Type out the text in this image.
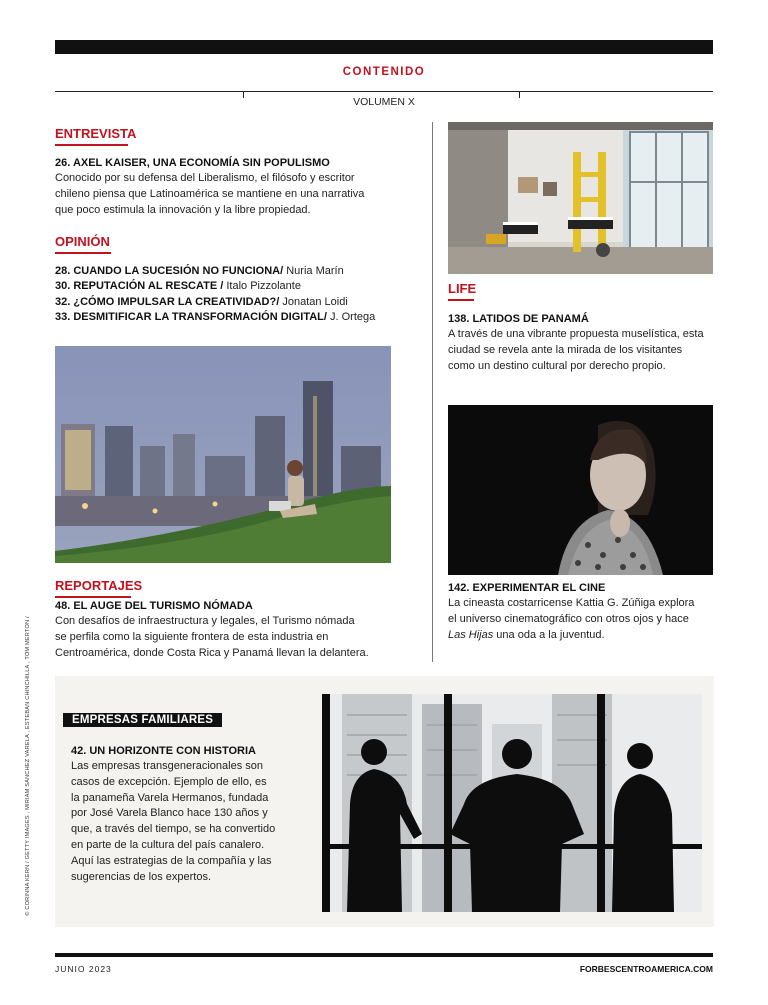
CONTENIDO
VOLUMEN X
ENTREVISTA
26. AXEL KAISER, UNA ECONOMÍA SIN POPULISMO
Conocido por su defensa del Liberalismo, el filósofo y escritor
chileno piensa que Latinoamérica se mantiene en una narrativa
que poco estimula la innovación y la libre propiedad.
OPINIÓN
28. CUANDO LA SUCESIÓN NO FUNCIONA/ Nuria Marín
30. REPUTACIÓN AL RESCATE / Italo Pizzolante
32. ¿CÓMO IMPULSAR LA CREATIVIDAD?/ Jonatan Loidi
33. DESMITIFICAR LA TRANSFORMACIÓN DIGITAL/ J. Ortega
LIFE
138. LATIDOS DE PANAMÁ
A través de una vibrante propuesta muselística, esta
ciudad se revela ante la mirada de los visitantes
como un destino cultural por derecho propio.
REPORTAJES
48. EL AUGE DEL TURISMO NÓMADA
Con desafíos de infraestructura y legales, el Turismo nómada
se perfila como la siguiente frontera de esta industria en
Centroamérica, donde Costa Rica y Panamá llevan la delantera.
142. EXPERIMENTAR EL CINE
La cineasta costarricense Kattia G. Zúñiga explora
el universo cinematográfico con otros ojos y hace
Las Hijas una oda a la juventud.
© CORINNA KERN / GETTY IMAGES , MIRIAM SÁNCHEZ VARELA , ESTEBAN CHINCHILLA , TOM MERTON /	EMPRESAS FAMILIARES
42. UN HORIZONTE CON HISTORIA
Las empresas transgeneracionales son
casos de excepción. Ejemplo de ello, es
la panameña Varela Hermanos, fundada
por José Varela Blanco hace 130 años y
que, a través del tiempo, se ha convertido
en parte de la cultura del país canalero.
Aquí las estrategias de la compañía y las
sugerencias de los expertos.
JUNIO 2023	FORBESCENTROAMERICA.COM
